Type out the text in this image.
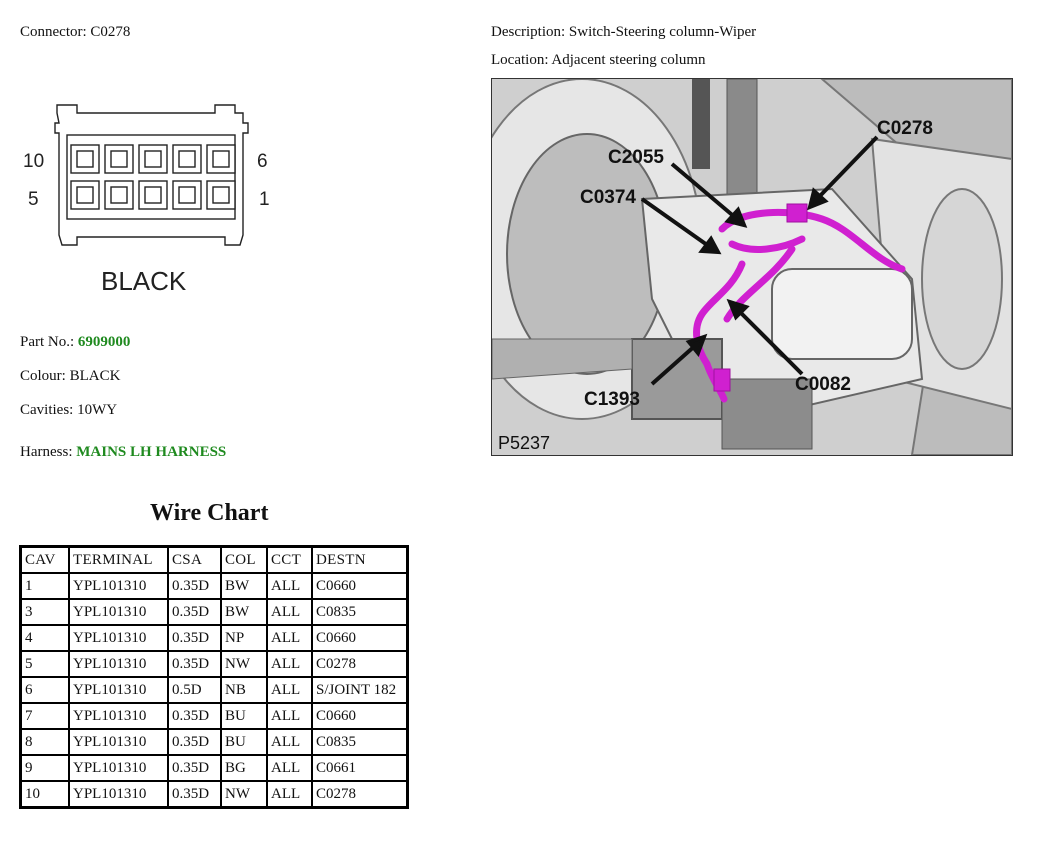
Connector: C0278	Description: Switch-Steering column-Wiper
Location: Adjacent steering column
10	6
5	1
BLACK
Part No.: 6909000
Colour: BLACK
Cavities: 10WY
Harness: MAINS LH HARNESS
C0278
C2055
C0374
C0082
C1393
P5237
Wire Chart
CAV	TERMINAL	CSA	COL	CCT	DESTN
1	YPL101310	0.35D	BW	ALL	C0660
3	YPL101310	0.35D	BW	ALL	C0835
4	YPL101310	0.35D	NP	ALL	C0660
5	YPL101310	0.35D	NW	ALL	C0278
6	YPL101310	0.5D	NB	ALL	S/JOINT 182
7	YPL101310	0.35D	BU	ALL	C0660
8	YPL101310	0.35D	BU	ALL	C0835
9	YPL101310	0.35D	BG	ALL	C0661
10	YPL101310	0.35D	NW	ALL	C0278
